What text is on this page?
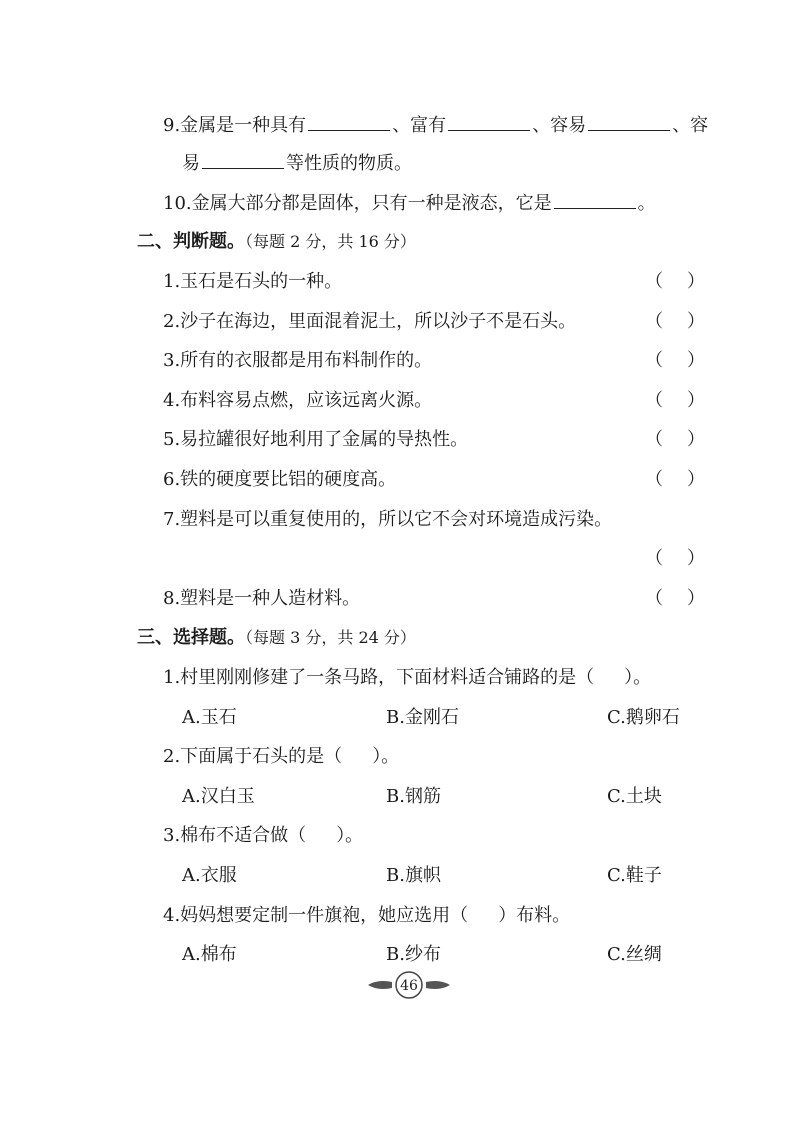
9.金属是一种具有	、富有	、容易	、容
易	等性质的物质。
10.金属大部分都是固体，只有一种是液态，它是	。
二、判断题。（每题 2 分，共 16 分）
1.玉石是石头的一种。	（ ）
2.沙子在海边，里面混着泥土，所以沙子不是石头。	（ ）
3.所有的衣服都是用布料制作的。	（ ）
4.布料容易点燃，应该远离火源。	（ ）
5.易拉罐很好地利用了金属的导热性。	（ ）
6.铁的硬度要比铝的硬度高。	（ ）
7.塑料是可以重复使用的，所以它不会对环境造成污染。
（ ）
8.塑料是一种人造材料。	（ ）
三、选择题。（每题 3 分，共 24 分）
1.村里刚刚修建了一条马路，下面材料适合铺路的是（ ）。
A.玉石	B.金刚石	C.鹅卵石
2.下面属于石头的是（ ）。
A.汉白玉	B.钢筋	C.土块
3.棉布不适合做（ ）。
A.衣服	B.旗帜	C.鞋子
4.妈妈想要定制一件旗袍，她应选用（ ）布料。
A.棉布	B.纱布	C.丝绸
46
